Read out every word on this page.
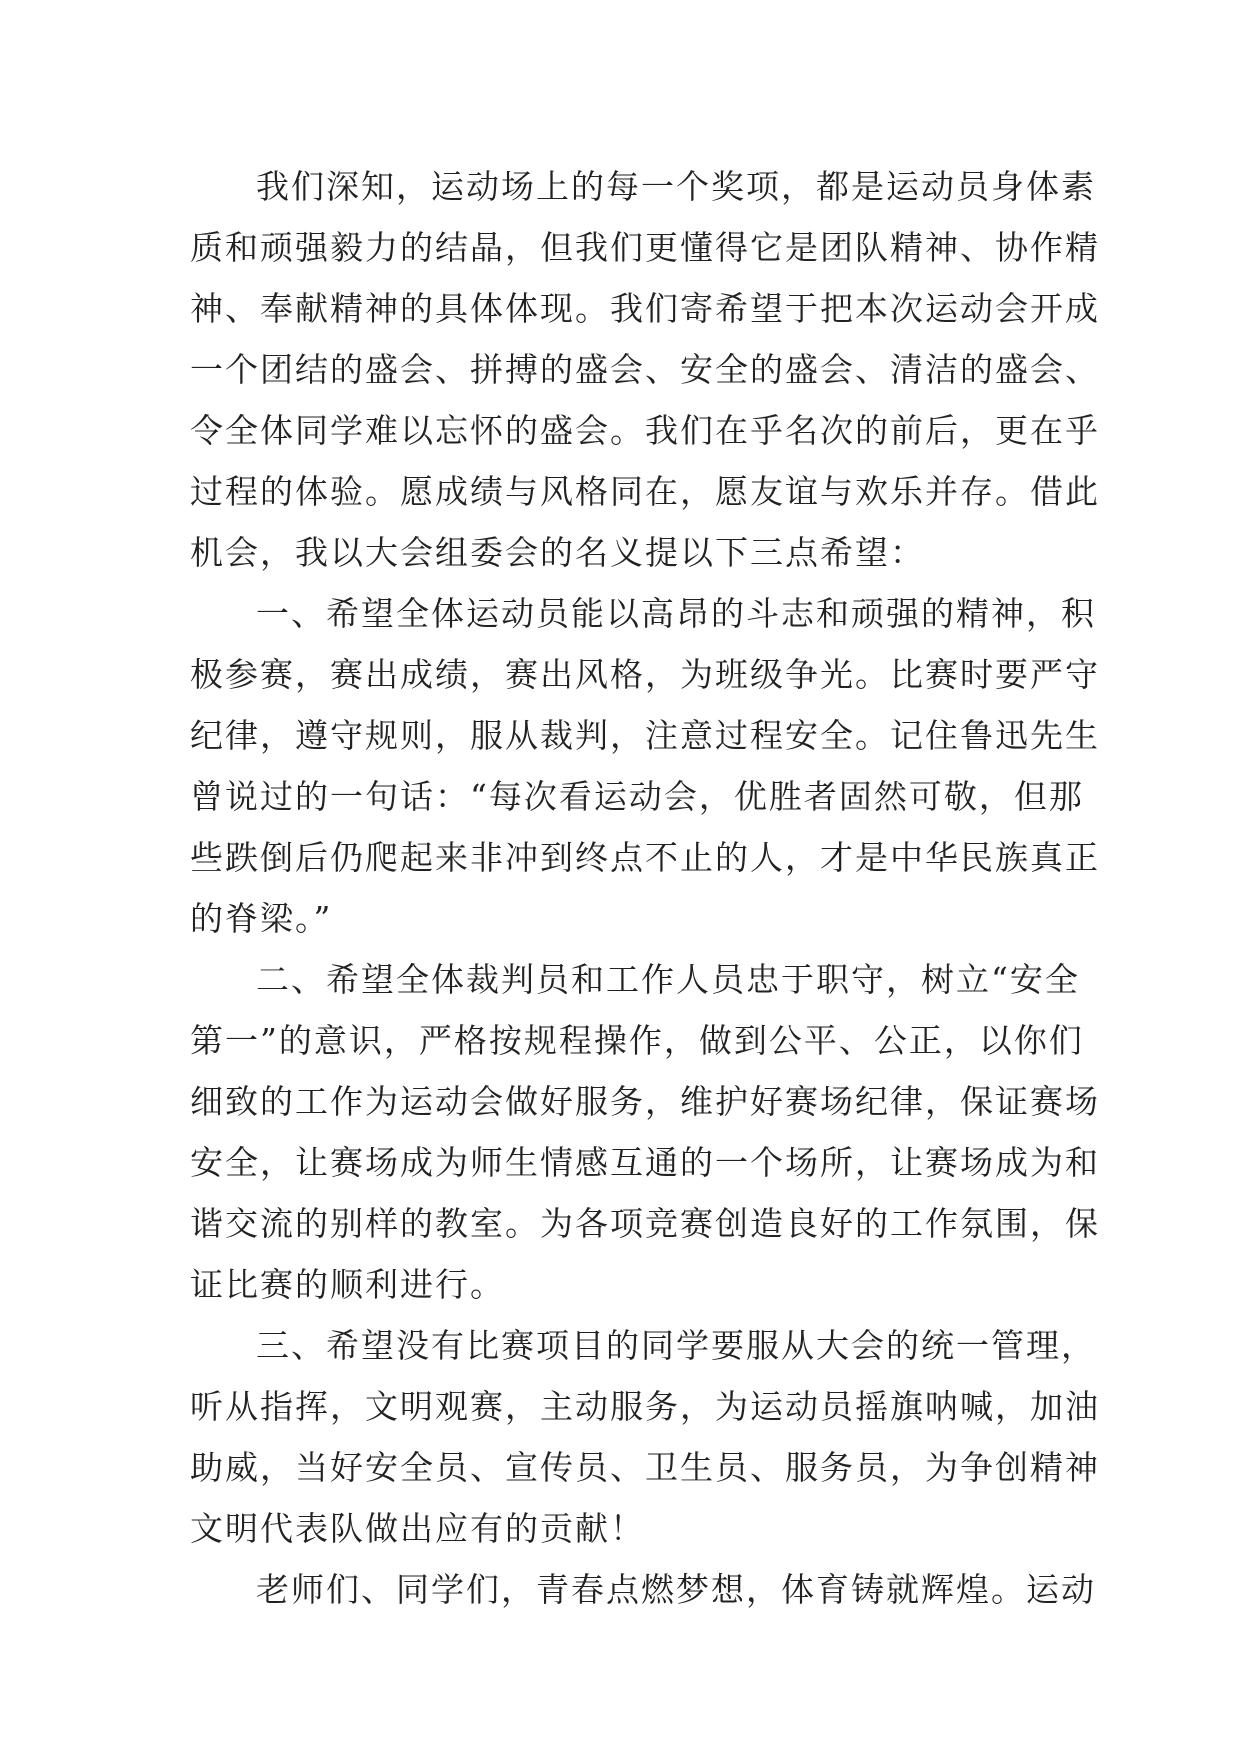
我们深知，运动场上的每一个奖项，都是运动员身体素
质和顽强毅力的结晶，但我们更懂得它是团队精神、协作精
神、奉献精神的具体体现。我们寄希望于把本次运动会开成
一个团结的盛会、拼搏的盛会、安全的盛会、清洁的盛会、
令全体同学难以忘怀的盛会。我们在乎名次的前后，更在乎
过程的体验。愿成绩与风格同在，愿友谊与欢乐并存。借此
机会，我以大会组委会的名义提以下三点希望：
一、希望全体运动员能以高昂的斗志和顽强的精神，积
极参赛，赛出成绩，赛出风格，为班级争光。比赛时要严守
纪律，遵守规则，服从裁判，注意过程安全。记住鲁迅先生
曾说过的一句话：“每次看运动会，优胜者固然可敬，但那
些跌倒后仍爬起来非冲到终点不止的人，才是中华民族真正
的脊梁。”
二、希望全体裁判员和工作人员忠于职守，树立“安全
第一”的意识，严格按规程操作，做到公平、公正，以你们
细致的工作为运动会做好服务，维护好赛场纪律，保证赛场
安全，让赛场成为师生情感互通的一个场所，让赛场成为和
谐交流的别样的教室。为各项竞赛创造良好的工作氛围，保
证比赛的顺利进行。
三、希望没有比赛项目的同学要服从大会的统一管理，
听从指挥，文明观赛，主动服务，为运动员摇旗呐喊，加油
助威，当好安全员、宣传员、卫生员、服务员，为争创精神
文明代表队做出应有的贡献！
老师们、同学们，青春点燃梦想，体育铸就辉煌。运动
